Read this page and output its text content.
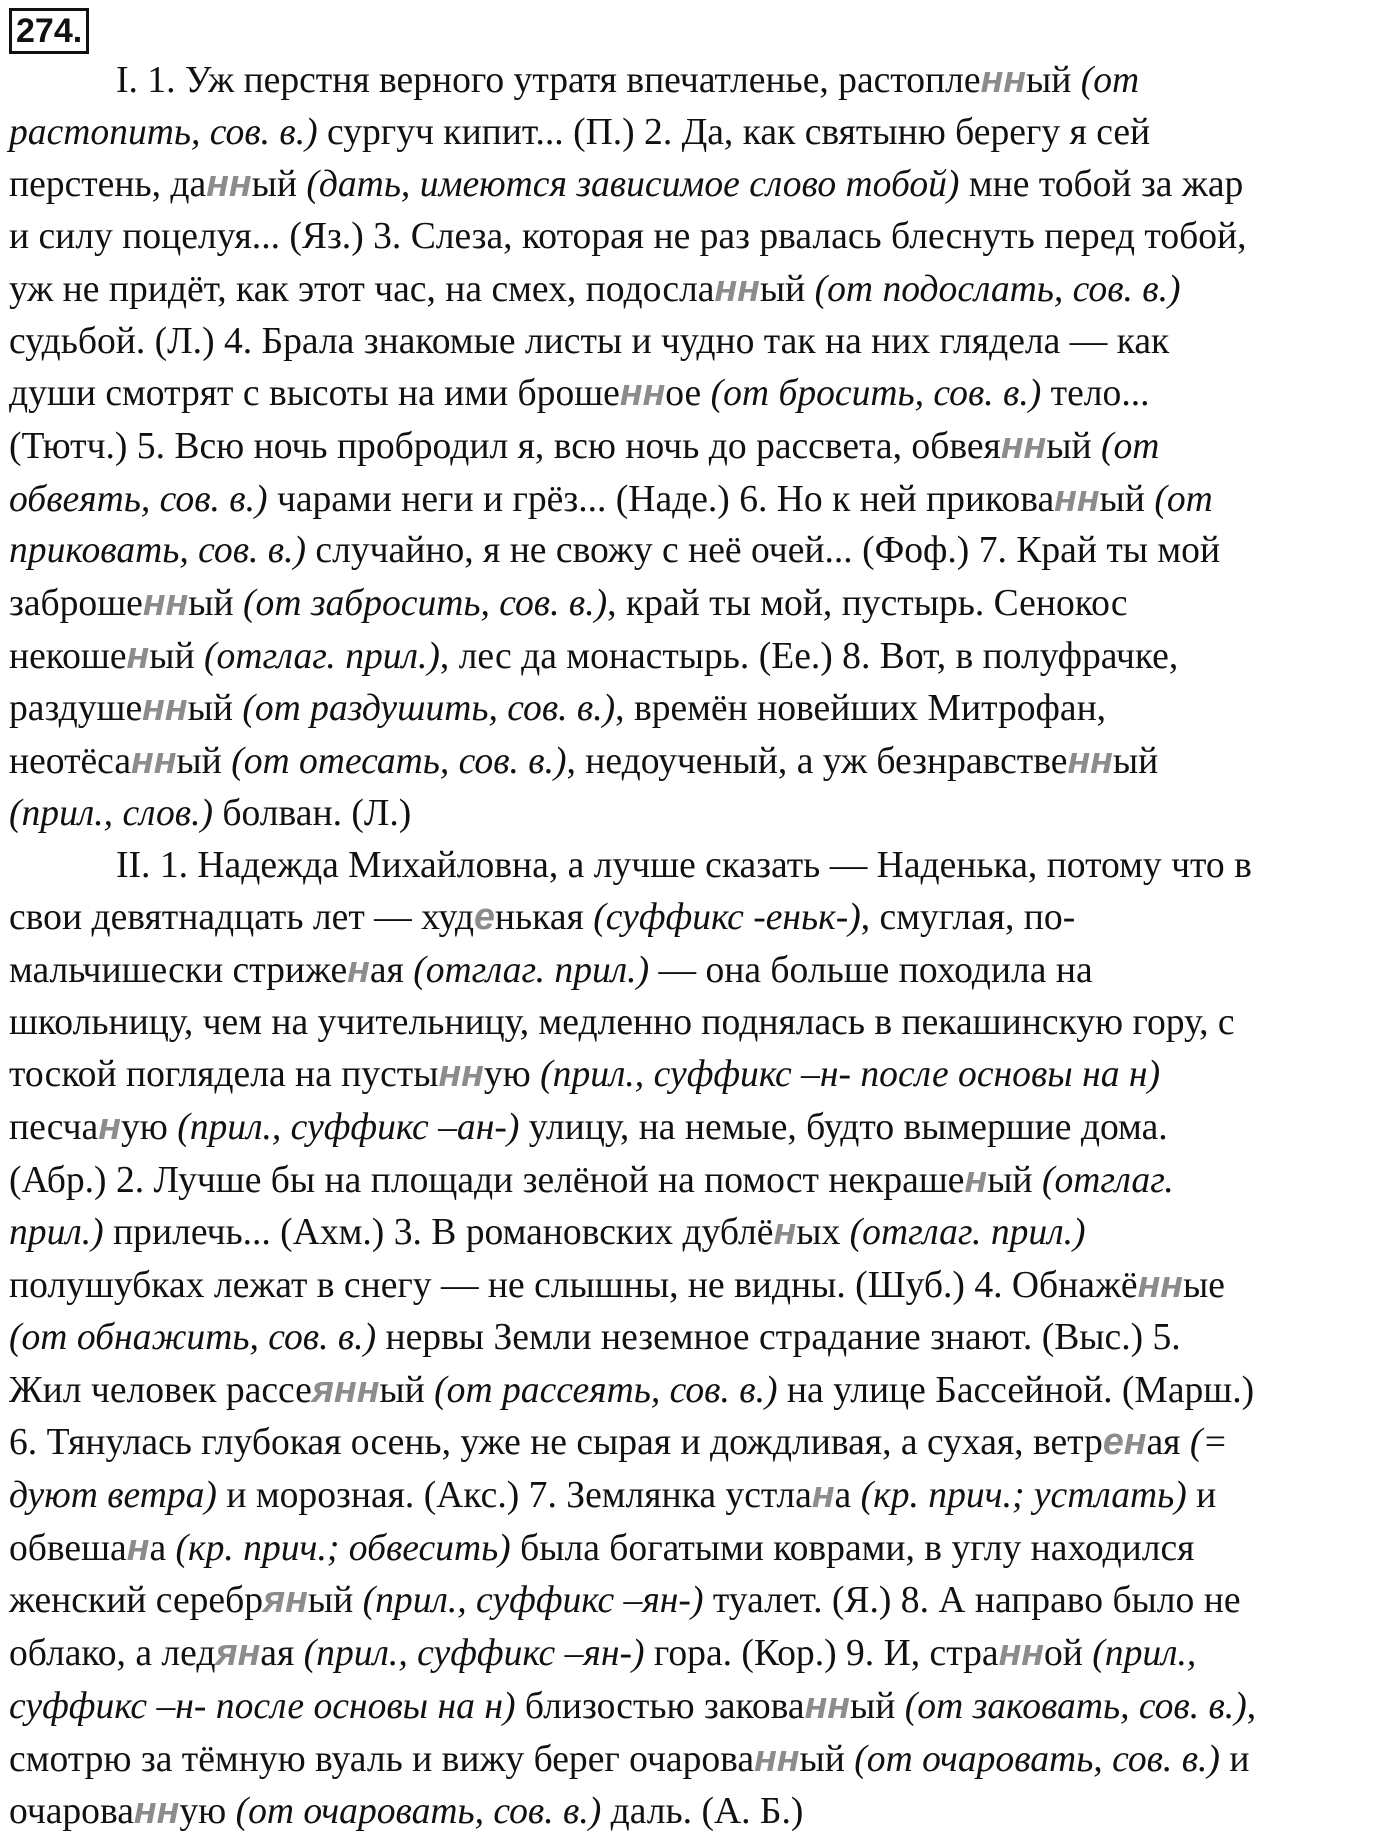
274.
I. 1. Уж перстня верного утратя впечатленье, растопленный (от
растопить, сов. в.) сургуч кипит... (П.) 2. Да, как святыню берегу я сей
перстень, данный (дать, имеются зависимое слово тобой) мне тобой за жар
и силу поцелуя... (Яз.) 3. Слеза, которая не раз рвалась блеснуть перед тобой,
уж не придёт, как этот час, на смех, подосланный (от подослать, сов. в.)
судьбой. (Л.) 4. Брала знакомые листы и чудно так на них глядела — как
души смотрят с высоты на ими брошенное (от бросить, сов. в.) тело...
(Тютч.) 5. Всю ночь пробродил я, всю ночь до рассвета, обвеянный (от
обвеять, сов. в.) чарами неги и грёз... (Наде.) 6. Но к ней прикованный (от
приковать, сов. в.) случайно, я не свожу с неё очей... (Фоф.) 7. Край ты мой
заброшенный (от забросить, сов. в.), край ты мой, пустырь. Сенокос
некошеный (отглаг. прил.), лес да монастырь. (Ее.) 8. Вот, в полуфрачке,
раздушенный (от раздушить, сов. в.), времён новейших Митрофан,
неотёсанный (от отесать, сов. в.), недоученый, а уж безнравственный
(прил., слов.) болван. (Л.)
II. 1. Надежда Михайловна, а лучше сказать — Наденька, потому что в
свои девятнадцать лет — худенькая (суффикс -еньк-), смуглая, по-
мальчишески стриженая (отглаг. прил.) — она больше походила на
школьницу, чем на учительницу, медленно поднялась в пекашинскую гору, с
тоской поглядела на пустынную (прил., суффикс –н- после основы на н)
песчаную (прил., суффикс –ан-) улицу, на немые, будто вымершие дома.
(Абр.) 2. Лучше бы на площади зелёной на помост некрашеный (отглаг.
прил.) прилечь... (Ахм.) 3. В романовских дублёных (отглаг. прил.)
полушубках лежат в снегу — не слышны, не видны. (Шуб.) 4. Обнажённые
(от обнажить, сов. в.) нервы Земли неземное страдание знают. (Выс.) 5.
Жил человек рассеянный (от рассеять, сов. в.) на улице Бассейной. (Марш.)
6. Тянулась глубокая осень, уже не сырая и дождливая, а сухая, ветреная (=
дуют ветра) и морозная. (Акс.) 7. Землянка устлана (кр. прич.; устлать) и
обвешана (кр. прич.; обвесить) была богатыми коврами, в углу находился
женский серебряный (прил., суффикс –ян-) туалет. (Я.) 8. А направо было не
облако, а ледяная (прил., суффикс –ян-) гора. (Кор.) 9. И, странной (прил.,
суффикс –н- после основы на н) близостью закованный (от заковать, сов. в.),
смотрю за тёмную вуаль и вижу берег очарованный (от очаровать, сов. в.) и
очарованную (от очаровать, сов. в.) даль. (А. Б.)
